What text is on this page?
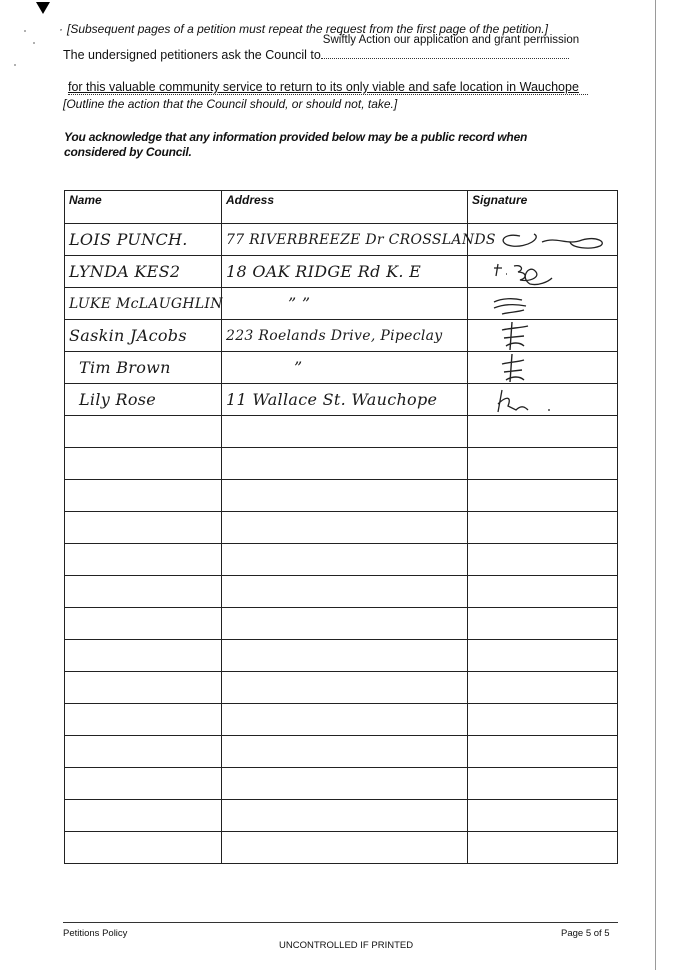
· [Subsequent pages of a petition must repeat the request from the first page of the petition.]
The undersigned petitioners ask the Council to
Swiftly Action our application and grant permission
for this valuable community service to return to its only viable and safe location in Wauchope
[Outline the action that the Council should, or should not, take.]
You acknowledge that any information provided below may be a public record when considered by Council.
Name	Address	Signature
LOIS PUNCH.	77 RIVERBREEZE Dr CROSSLANDS	

LYNDA KES2	18 OAK RIDGE Rd K. E	

LUKE McLAUGHLIN	” ”	

Saskin JAcobs	223 Roelands Drive, Pipeclay	

Tim Brown	”	

Lily Rose	11 Wallace St. Wauchope	

Petitions Policy	Page 5 of 5
UNCONTROLLED IF PRINTED
